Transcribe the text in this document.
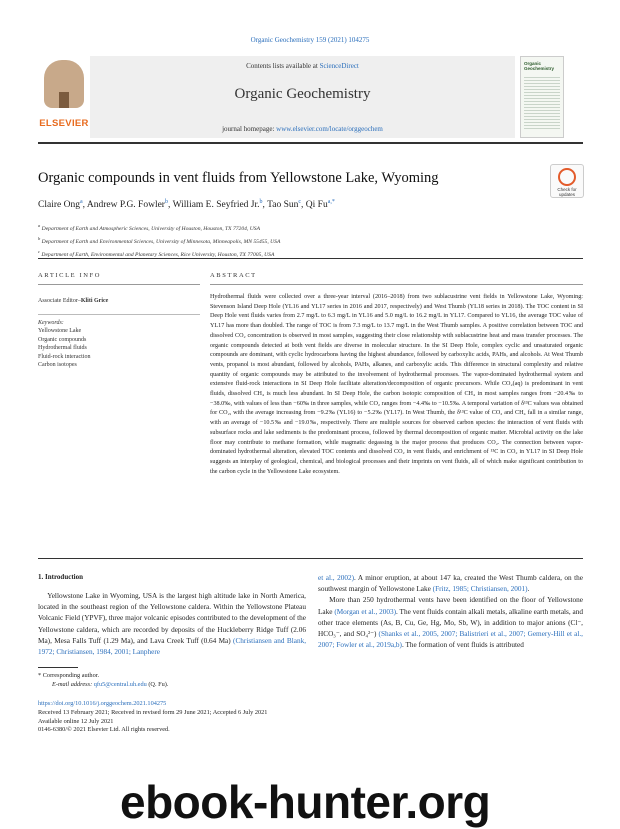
Organic Geochemistry 159 (2021) 104275
ELSEVIER
Contents lists available at ScienceDirect
Organic Geochemistry
journal homepage: www.elsevier.com/locate/orggeochem
Organic Geochemistry
Organic compounds in vent fluids from Yellowstone Lake, Wyoming
Check for
updates
Claire Ong$^a$, Andrew P.G. Fowler$^b$, William E. Seyfried Jr.$^b$, Tao Sun$^c$, Qi $Fu^{a,*}$
$^a$ Department of Earth and Atmospheric Sciences, University of Houston, Houston, TX 77204, USA
$^b$ Department of Earth and Environmental Sciences, University of Minnesota, Minneapolis, MN 55455, USA
$^c$ Department of Earth, Environmental and Planetary Sciences, Rice University, Houston, TX 77005, USA
ARTICLE INFO	ABSTRACT
Associate Editor–Kliti Grice
Keywords:
Yellowstone Lake
Organic compounds
Hydrothermal fluids
Fluid-rock interaction
Carbon isotopes
Hydrothermal fluids were collected over a three-year interval (2016–2018) from two sublacustrine vent fields in Yellowstone Lake, Wyoming: Stevenson Island Deep Hole (YL16 and YL17 series in 2016 and 2017, respectively) and West Thumb (YL18 series in 2018). The TOC content in SI Deep Hole vent fluids varies from 2.7 mg/L to 6.3 mg/L in YL16 and 5.0 mg/L to 16.2 mg/L in YL17. Compared to YL16, the average TOC value of YL17 has more than doubled. The range of TOC is from 7.3 mg/L to 13.7 mg/L in the West Thumb samples. A positive correlation between TOC and dissolved CO₂ concentration is observed in most samples, suggesting their close relationship with sublacustrine heat and mass transfer processes. The organic compounds detected at both vent fields are diverse in molecular structure. In the SI Deep Hole, complex cyclic and unsaturated organic compounds are dominant, with cyclic hydrocarbons having the highest abundance, followed by carboxylic acids, PAHs, and alcohols. At West Thumb vents, propanol is most abundant, followed by alcohols, PAHs, alkanes, and carboxylic acids. This difference in structural complexity and relative quantity of organic compounds may be attributed to the involvement of hydrothermal processes. The vapor-dominated hydrothermal system and extensive fluid-rock interactions in SI Deep Hole facilitate alteration/decomposition of organic precursors. While CO₂(aq) is predominant in vent fluids, dissolved CH₄ is much less abundant. In SI Deep Hole, the carbon isotopic composition of CH₄ in most samples ranges from −20.4‰ to −38.0‰, with values of less than −60‰ in three samples, while CO₂ ranges from −4.4‰ to −10.5‰. A temporal variation of δ¹³C values was obtained for CO₂, with the average increasing from −9.2‰ (YL16) to −5.2‰ (YL17). In West Thumb, the δ¹³C value of CO₂ and CH₄ fall in a similar range, with an average of −10.5‰ and −19.0‰, respectively. There are multiple sources for observed carbon species: the interaction of vent fluids with subsurface rocks and lake sediments is the predominant process, followed by thermal decomposition of organic matter. Microbial activity on the lake floor may contribute to methane formation, while magmatic degassing is the major process that produces CO₂. The connection between vapor-dominated hydrothermal alteration, elevated TOC contents and dissolved CO₂ in vent fluids, and enrichment of ¹³C in CO₂ in YL17 in SI Deep Hole suggests an interplay of geological, chemical, and biological processes and their imprints on vent fluids, all of which make significant contribution to the carbon cycle in the Yellowstone Lake ecosystem.
1. Introduction
Yellowstone Lake in Wyoming, USA is the largest high altitude lake in North America, located in the southeast region of the Yellowstone caldera. Within the Yellowstone Plateau Volcanic Field (YPVF), three major volcanic episodes contributed to the development of the Yellowstone caldera, which are recorded by deposits of the Huckleberry Ridge Tuff (2.06 Ma), Mesa Falls Tuff (1.29 Ma), and Lava Creek Tuff (0.64 Ma) (Christiansen and Blank, 1972; Christiansen, 1984, 2001; Lanphere
et al., 2002). A minor eruption, at about 147 ka, created the West Thumb caldera, on the southwest margin of Yellowstone Lake (Fritz, 1985; Christiansen, 2001).
More than 250 hydrothermal vents have been identified on the floor of Yellowstone Lake (Morgan et al., 2003). The vent fluids contain alkali metals, alkaline earth metals, and other trace elements (As, B, Cu, Ge, Hg, Mo, Sb, W), in addition to major anions (Cl⁻, HCO₃⁻, and SO₄²⁻) (Shanks et al., 2005, 2007; Balistrieri et al., 2007; Gemery-Hill et al., 2007; Fowler et al., 2019a,b). The formation of vent fluids is attributed
* Corresponding author.
E-mail address: qfu5@central.uh.edu (Q. Fu).
https://doi.org/10.1016/j.orggeochem.2021.104275
Received 13 February 2021; Received in revised form 29 June 2021; Accepted 6 July 2021
Available online 12 July 2021
0146-6380/© 2021 Elsevier Ltd. All rights reserved.
ebook-hunter.org
